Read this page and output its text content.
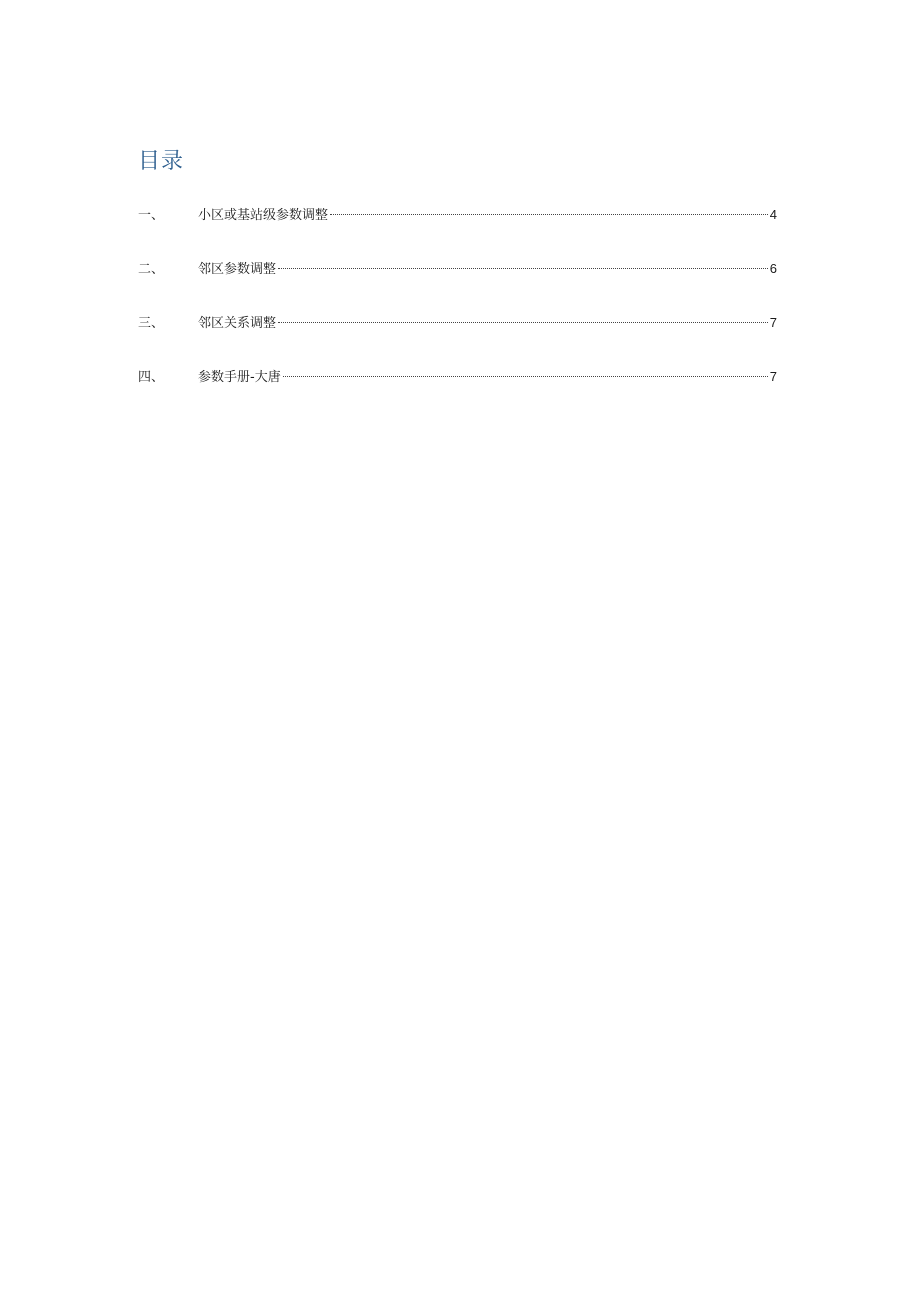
目录
一、	小区或基站级参数调整	4
二、	邻区参数调整	6
三、	邻区关系调整	7
四、	参数手册-大唐	7
